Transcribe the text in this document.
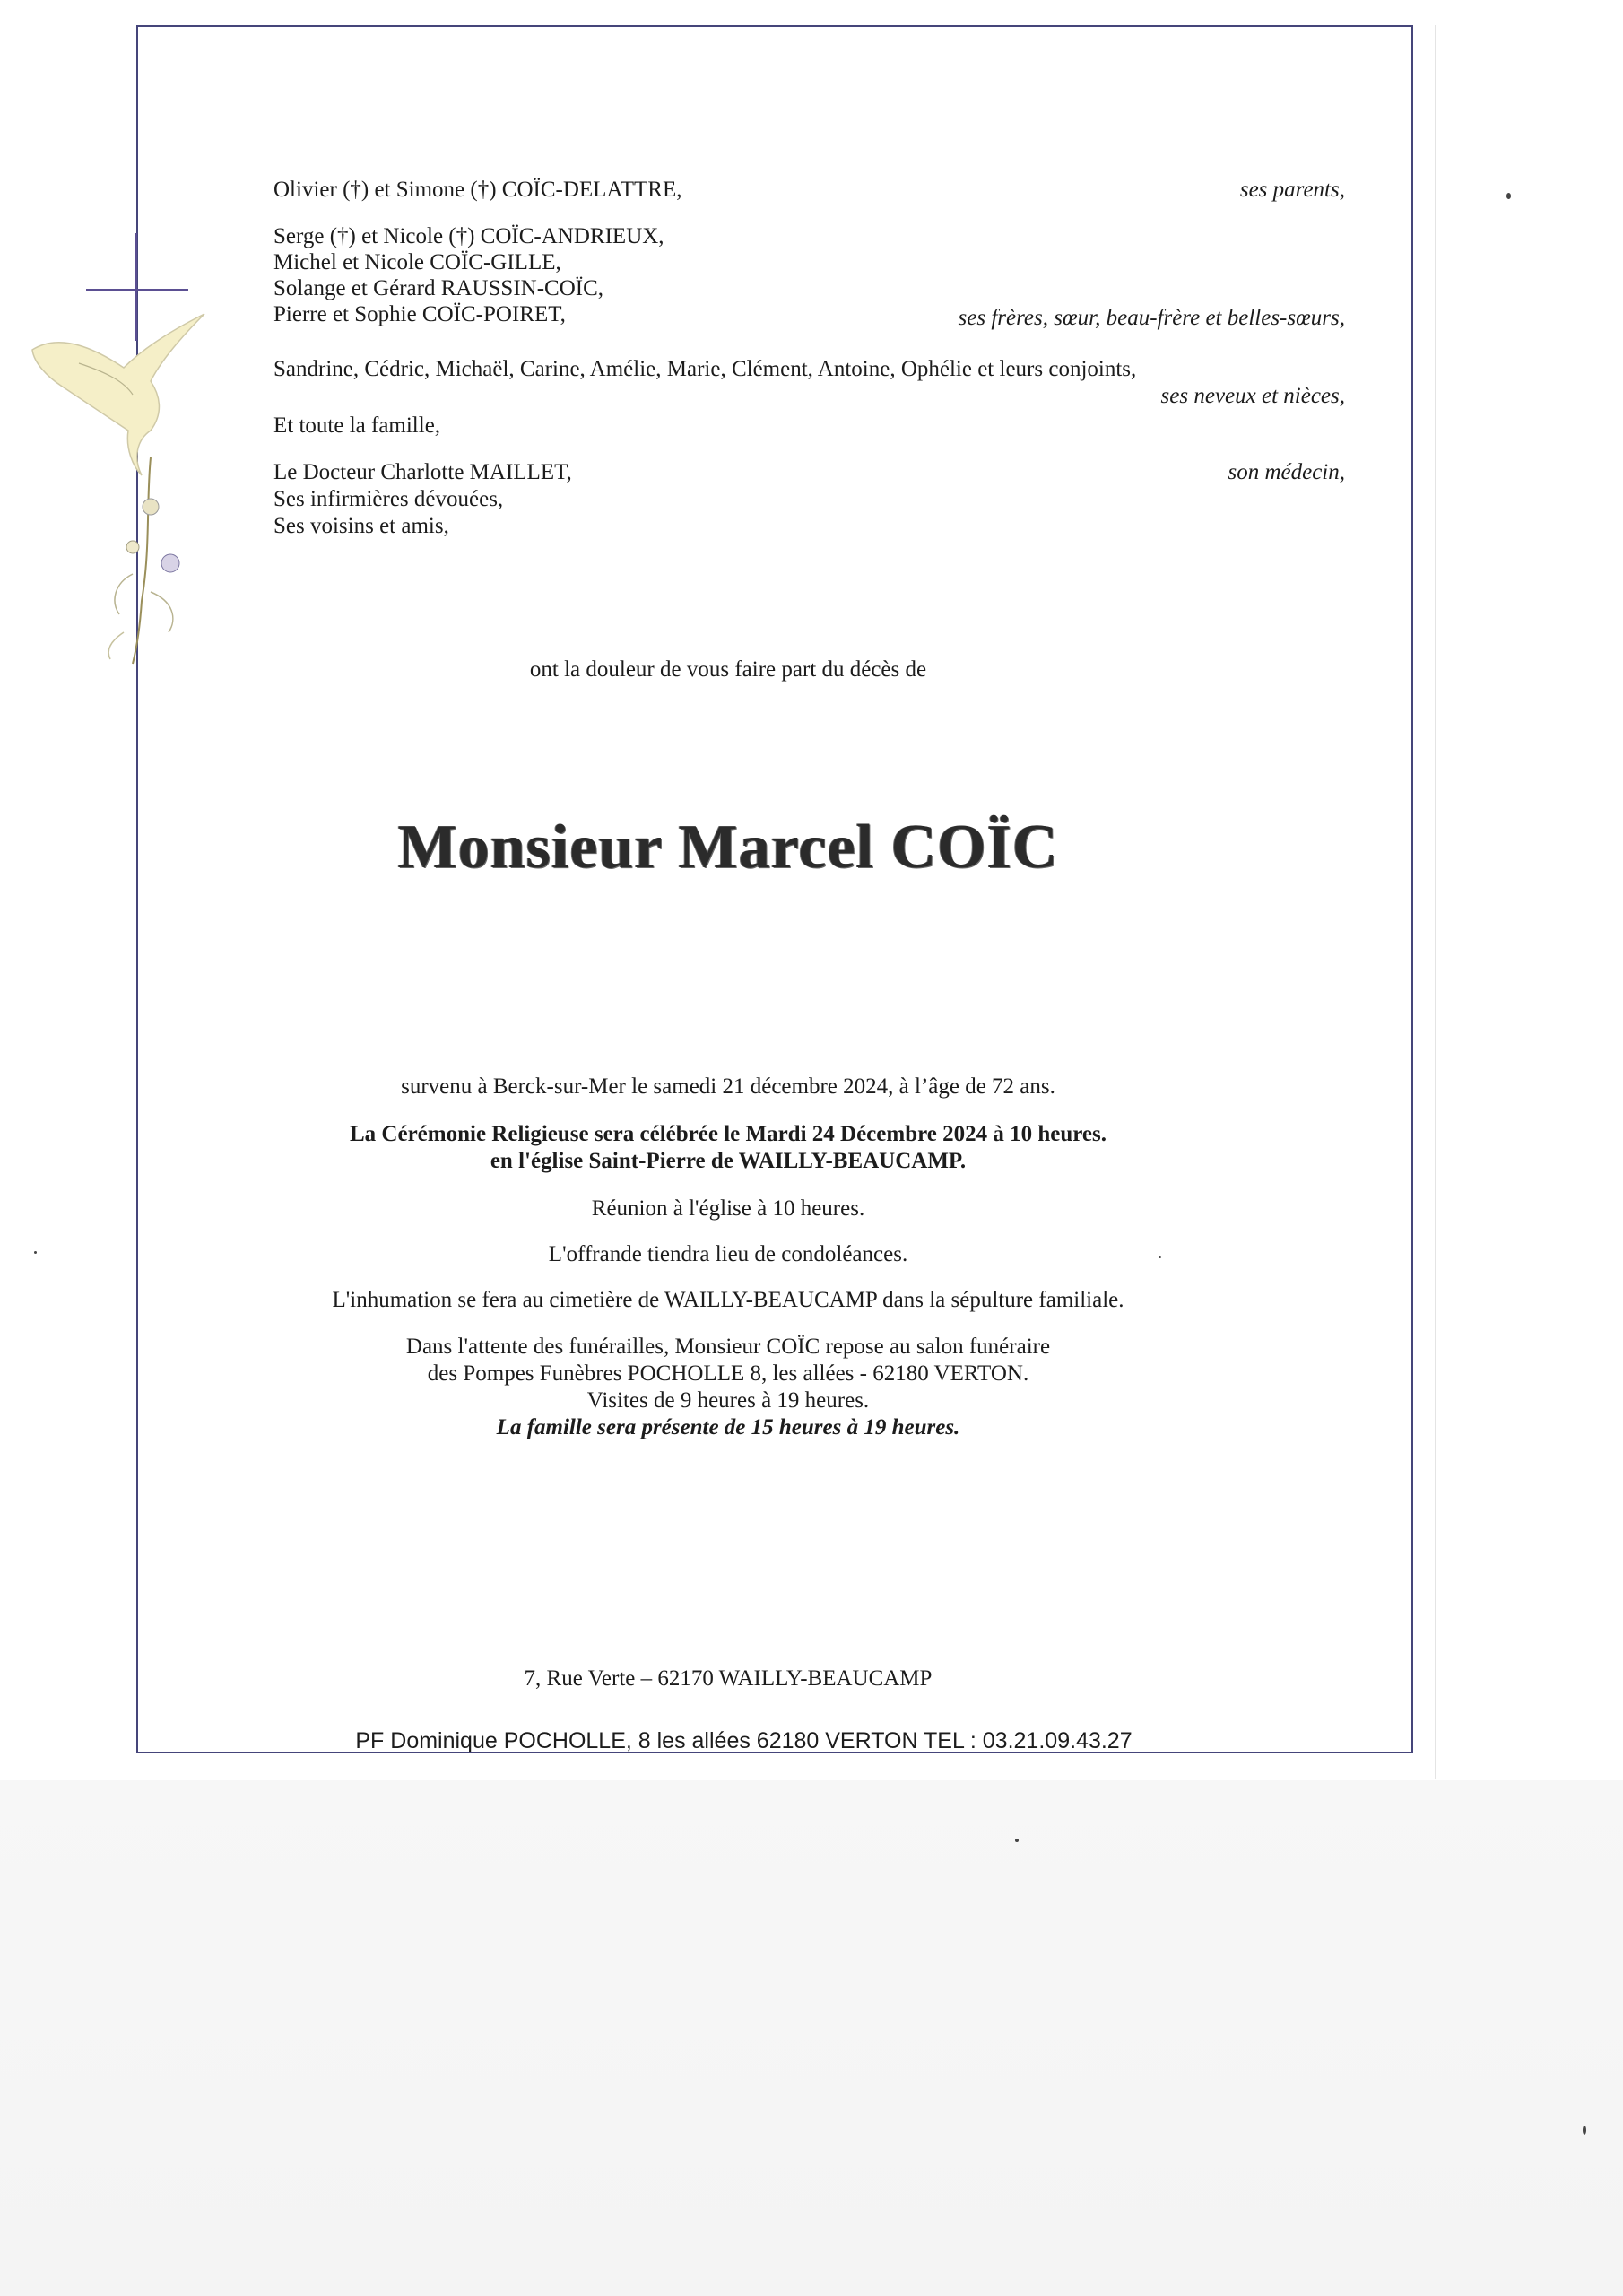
Olivier (†) et Simone (†) COÏC-DELATTRE,	ses parents,
Serge (†) et Nicole (†) COÏC-ANDRIEUX,
Michel et Nicole COÏC-GILLE,
Solange et Gérard RAUSSIN-COÏC,
Pierre et Sophie COÏC-POIRET,	ses frères, sœur, beau-frère et belles-sœurs,
Sandrine, Cédric, Michaël, Carine, Amélie, Marie, Clément, Antoine, Ophélie et leurs conjoints,
ses neveux et nièces,
Et toute la famille,
Le Docteur Charlotte MAILLET,	son médecin,
Ses infirmières dévouées,
Ses voisins et amis,
ont la douleur de vous faire part du décès de
Monsieur Marcel COÏC
survenu à Berck-sur-Mer le samedi 21 décembre 2024, à l’âge de 72 ans.
La Cérémonie Religieuse sera célébrée le Mardi 24 Décembre 2024 à 10 heures.
en l'église Saint-Pierre de WAILLY-BEAUCAMP.
Réunion à l'église à 10 heures.
L'offrande tiendra lieu de condoléances.
L'inhumation se fera au cimetière de WAILLY-BEAUCAMP dans la sépulture familiale.
Dans l'attente des funérailles, Monsieur COÏC repose au salon funéraire
des Pompes Funèbres POCHOLLE 8, les allées - 62180 VERTON.
Visites de 9 heures à 19 heures.
La famille sera présente de 15 heures à 19 heures.
7, Rue Verte – 62170 WAILLY-BEAUCAMP
PF Dominique POCHOLLE, 8 les allées 62180 VERTON TEL : 03.21.09.43.27
